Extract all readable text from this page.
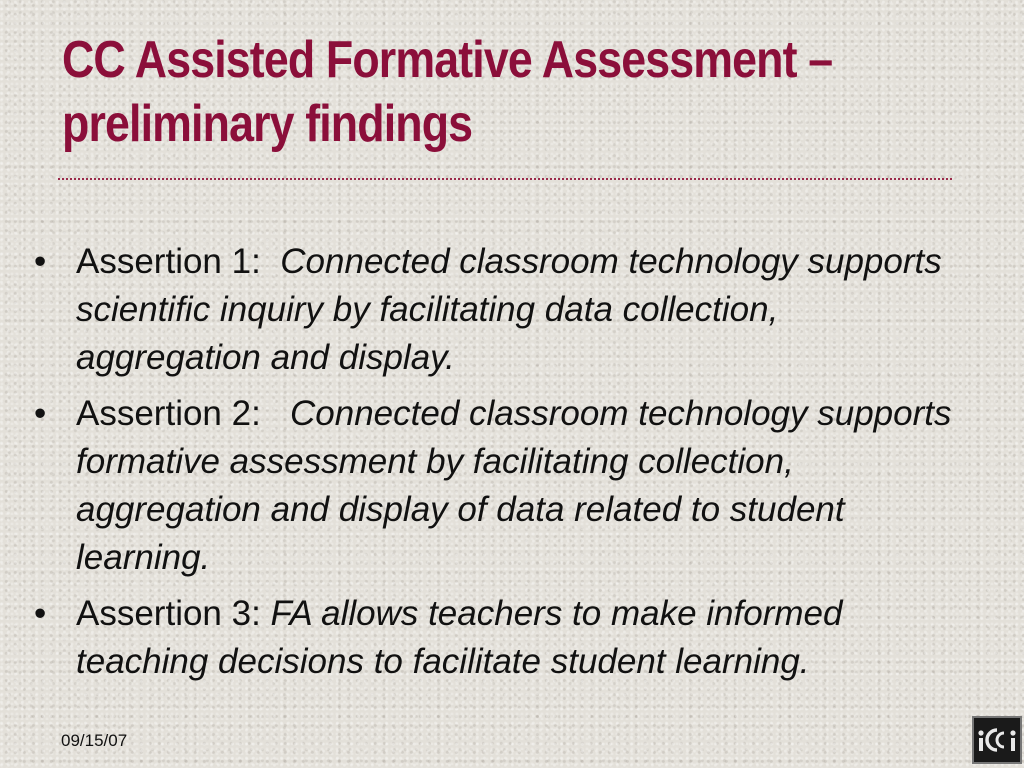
CC Assisted Formative Assessment – preliminary findings
• Assertion 1: Connected classroom technology supports scientific inquiry by facilitating data collection, aggregation and display.
• Assertion 2: Connected classroom technology supports formative assessment by facilitating collection, aggregation and display of data related to student learning.
• Assertion 3: FA allows teachers to make informed teaching decisions to facilitate student learning.
09/15/07
